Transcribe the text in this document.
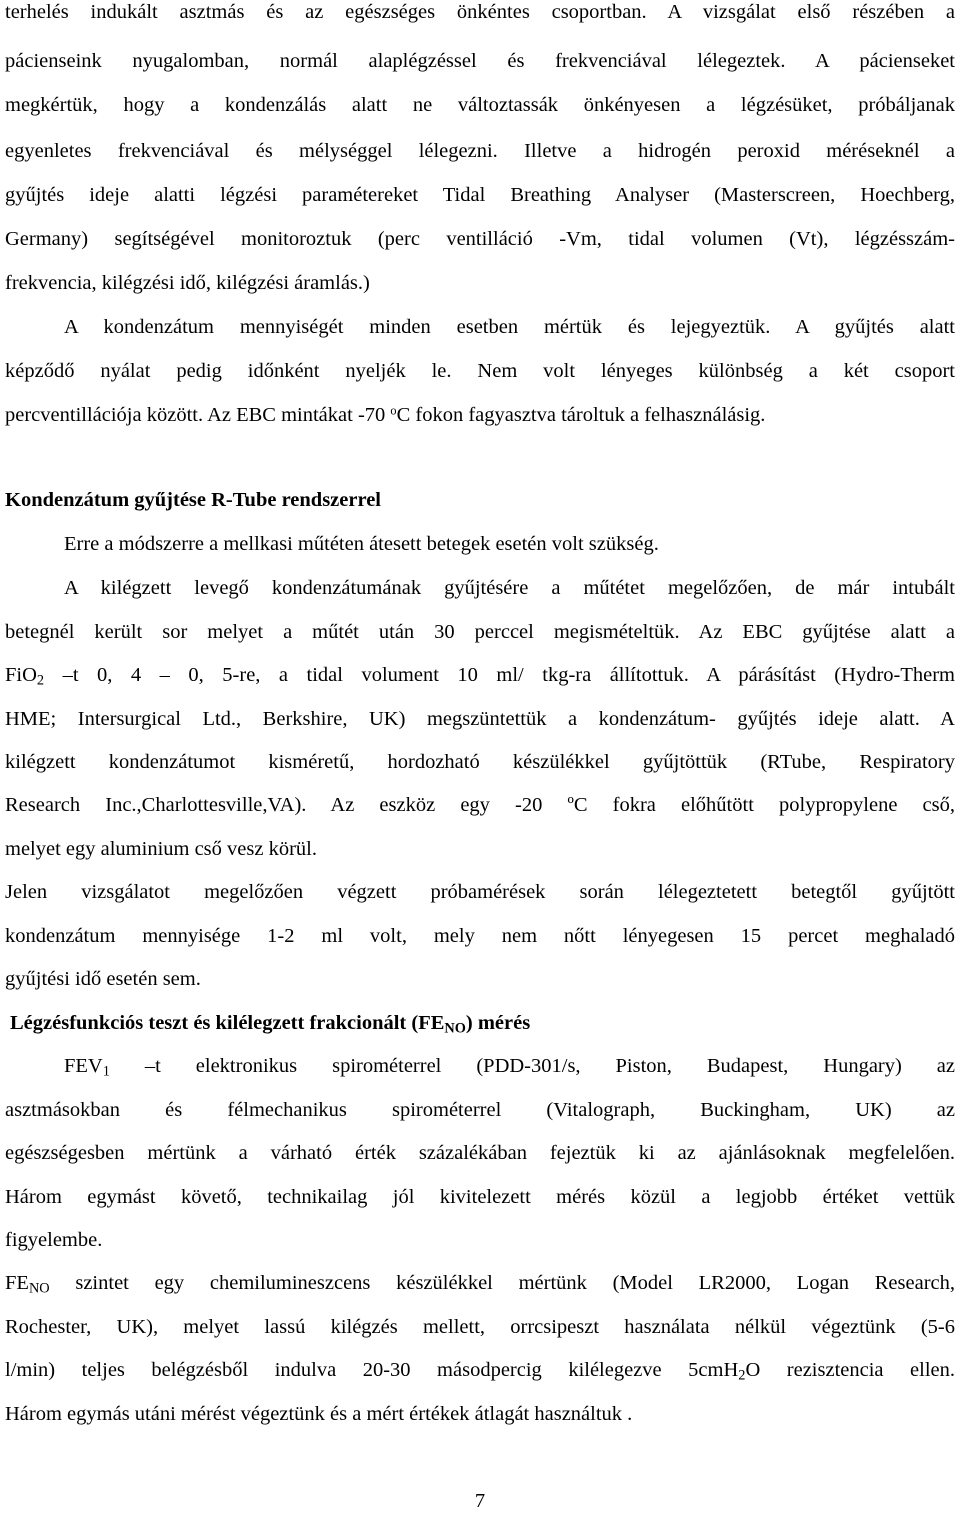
terhelés indukált asztmás és az egészséges önkéntes csoportban. A vizsgálat első részében a

pácienseink nyugalomban, normál alaplégzéssel és frekvenciával lélegeztek. A pácienseket

megkértük, hogy a kondenzálás alatt ne változtassák önkényesen a légzésüket, próbáljanak

egyenletes frekvenciával és mélységgel lélegezni. Illetve a hidrogén peroxid méréseknél a

gyűjtés ideje alatti légzési paramétereket Tidal Breathing Analyser (Masterscreen, Hoechberg,

Germany) segítségével monitoroztuk (perc ventilláció -Vm, tidal volumen (Vt), légzésszám-

frekvencia, kilégzési idő, kilégzési áramlás.)

A kondenzátum mennyiségét minden esetben mértük és lejegyeztük. A gyűjtés alatt

képződő nyálat pedig időnként nyeljék le. Nem volt lényeges különbség a két csoport

percventillációja között. Az EBC mintákat -70 $^o$C fokon fagyasztva tároltuk a felhasználásig.

Kondenzátum gyűjtése R-Tube rendszerrel

Erre a módszerre a mellkasi műtéten átesett betegek esetén volt szükség.

A kilégzett levegő kondenzátumának gyűjtésére a műtétet megelőzően, de már intubált

betegnél került sor melyet a műtét után 30 perccel megismételtük. Az EBC gyűjtése alatt a

FiO$_2$ –t 0, 4 – 0, 5-re, a tidal volument 10 ml/ tkg-ra állítottuk. A párásítást (Hydro-Therm

HME; Intersurgical Ltd., Berkshire, UK) megszüntettük a kondenzátum- gyűjtés ideje alatt. A

kilégzett kondenzátumot kisméretű, hordozható készülékkel gyűjtöttük (RTube, Respiratory

Research Inc.,Charlottesville,VA). Az eszköz egy -20 ºC fokra előhűtött polypropylene cső,

melyet egy aluminium cső vesz körül.

Jelen vizsgálatot megelőzően végzett próbamérések során lélegeztetett betegtől gyűjtött

kondenzátum mennyisége 1-2 ml volt, mely nem nőtt lényegesen 15 percet meghaladó

gyűjtési idő esetén sem.

Légzésfunkciós teszt és kilélegzett frakcionált $(FE_{NO})$ mérés

$FEV_1$ –t elektronikus spirométerrel (PDD-301/s, Piston, Budapest, Hungary) az

asztmásokban és félmechanikus spirométerrel (Vitalograph, Buckingham, UK) az

egészségesben mértünk a várható érték százalékában fejeztük ki az ajánlásoknak megfelelően.

Három egymást követő, technikailag jól kivitelezett mérés közül a legjobb értéket vettük

figyelembe.

$FE_{NO}$ szintet egy chemilumineszcens készülékkel mértünk (Model LR2000, Logan Research,

Rochester, UK), melyet lassú kilégzés mellett, orrcsipeszt használata nélkül végeztünk (5-6

l/min) teljes belégzésből indulva 20-30 másodpercig kilélegezve 5cmH$_2$O rezisztencia ellen.

Három egymás utáni mérést végeztünk és a mért értékek átlagát használtuk .

7
